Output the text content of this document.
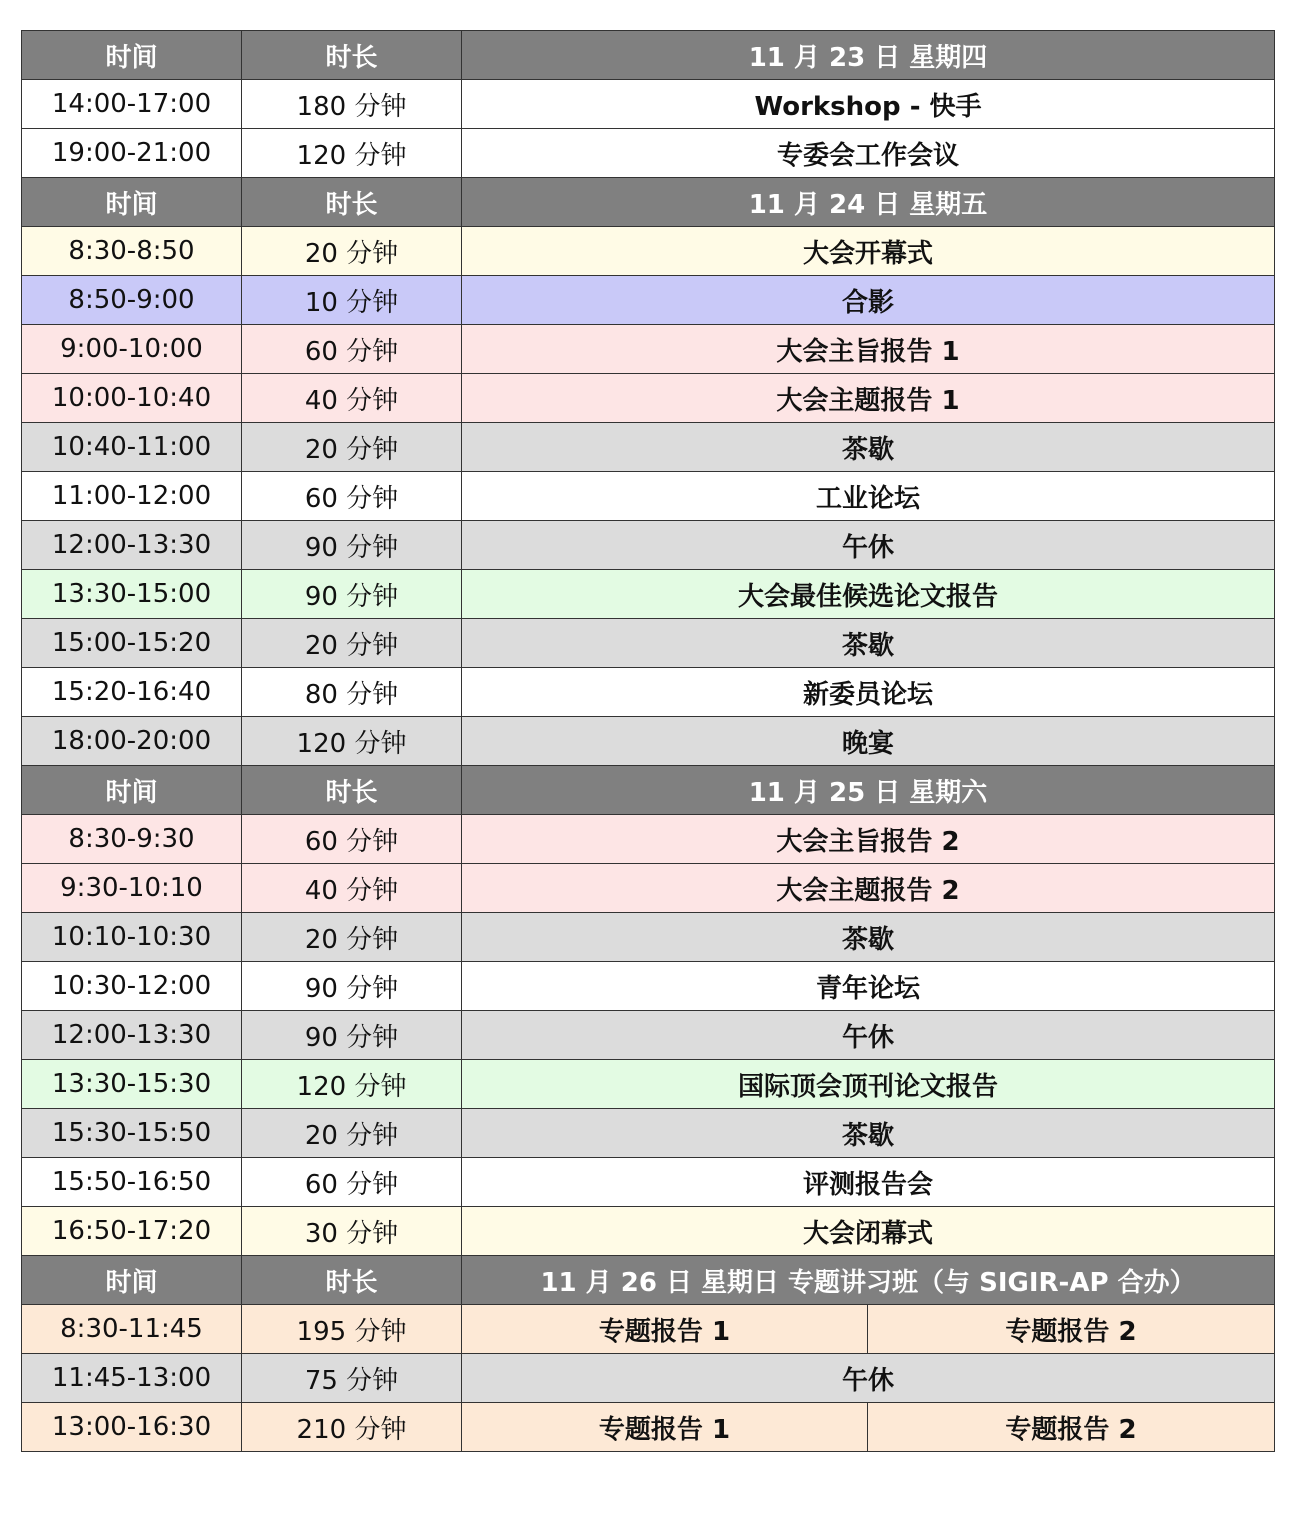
时间	时长	11 月 23 日 星期四	
14:00-17:00	180 分钟	Workshop - 快手	
19:00-21:00	120 分钟	专委会工作会议	
时间	时长	11 月 24 日 星期五	
8:30-8:50	20 分钟	大会开幕式	
8:50-9:00	10 分钟	合影	
9:00-10:00	60 分钟	大会主旨报告 1	
10:00-10:40	40 分钟	大会主题报告 1	
10:40-11:00	20 分钟	茶歇	
11:00-12:00	60 分钟	工业论坛	
12:00-13:30	90 分钟	午休	
13:30-15:00	90 分钟	大会最佳候选论文报告	
15:00-15:20	20 分钟	茶歇	
15:20-16:40	80 分钟	新委员论坛	
18:00-20:00	120 分钟	晚宴	
时间	时长	11 月 25 日 星期六	
8:30-9:30	60 分钟	大会主旨报告 2	
9:30-10:10	40 分钟	大会主题报告 2	
10:10-10:30	20 分钟	茶歇	
10:30-12:00	90 分钟	青年论坛	
12:00-13:30	90 分钟	午休	
13:30-15:30	120 分钟	国际顶会顶刊论文报告	
15:30-15:50	20 分钟	茶歇	
15:50-16:50	60 分钟	评测报告会	
16:50-17:20	30 分钟	大会闭幕式	
时间	时长	11 月 26 日 星期日 专题讲习班（与 SIGIR-AP 合办）	
8:30-11:45	195 分钟	专题报告 1	专题报告 2
11:45-13:00	75 分钟	午休	
13:00-16:30	210 分钟	专题报告 1	专题报告 2
